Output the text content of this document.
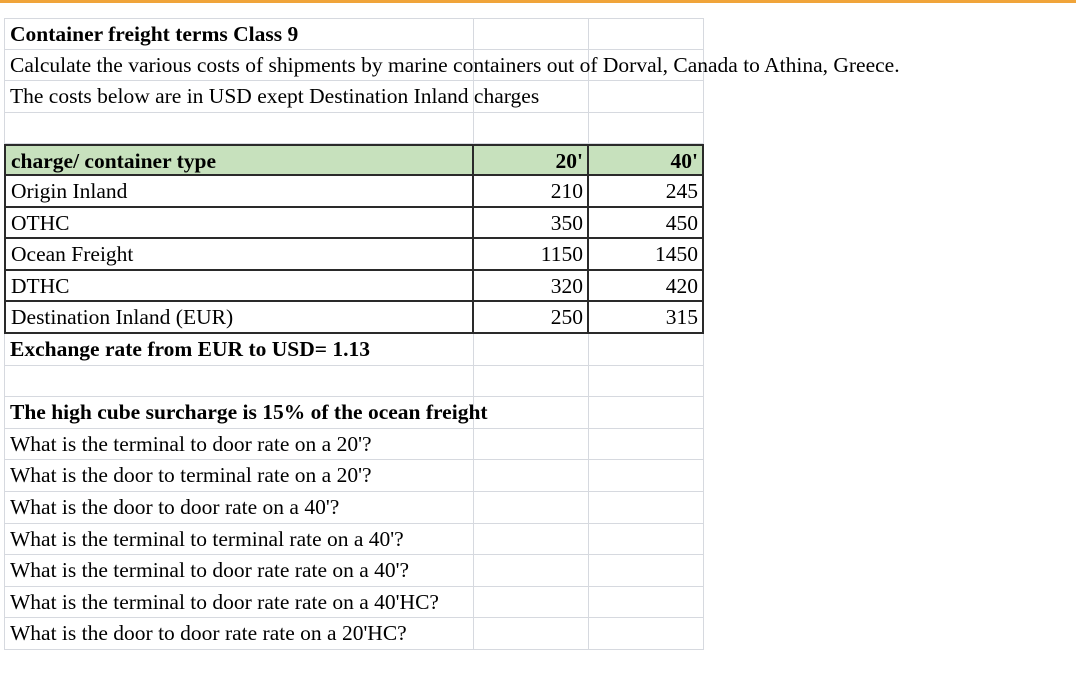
Container freight terms Class 9
Calculate the various costs of shipments by marine containers out of Dorval, Canada to Athina, Greece.
The costs below are in USD exept Destination Inland charges
charge/ container type	20'	40'
Origin Inland	210	245
OTHC	350	450
Ocean Freight	1150	1450
DTHC	320	420
Destination Inland (EUR)	250	315
Exchange rate from EUR to USD= 1.13
The high cube surcharge is 15% of the ocean freight
What is the terminal to door rate on a 20'?
What is the door to terminal rate on a 20'?
What is the door to door rate on a 40'?
What is the terminal to terminal rate on a 40'?
What is the terminal to door rate rate on a 40'?
What is the terminal to door rate rate on a 40'HC?
What is the door to door rate rate on a 20'HC?
